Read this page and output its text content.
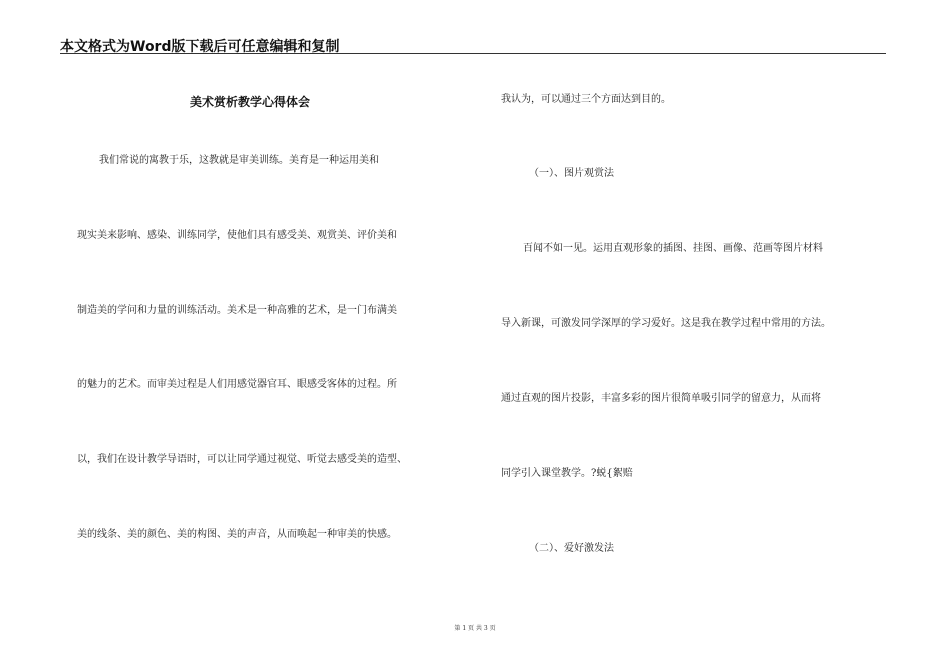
本文格式为Word版下载后可任意编辑和复制
美术赏析教学心得体会
我们常说的寓教于乐，这教就是审美训练。美育是一种运用美和
现实美来影响、感染、训练同学，使他们具有感受美、观赏美、评价美和
制造美的学问和力量的训练活动。美术是一种高雅的艺术，是一门布满美
的魅力的艺术。而审美过程是人们用感觉器官耳、眼感受客体的过程。所
以，我们在设计教学导语时，可以让同学通过视觉、听觉去感受美的造型、
美的线条、美的颜色、美的构图、美的声音，从而唤起一种审美的快感。
我认为，可以通过三个方面达到目的。
（一）、图片观赏法
百闻不如一见。运用直观形象的插图、挂图、画像、范画等图片材料
导入新课，可激发同学深厚的学习爱好。这是我在教学过程中常用的方法。
通过直观的图片投影，丰富多彩的图片很简单吸引同学的留意力，从而将
同学引入课堂教学。?蜕{絮赔
（二）、爱好激发法
第 1 页 共 3 页
